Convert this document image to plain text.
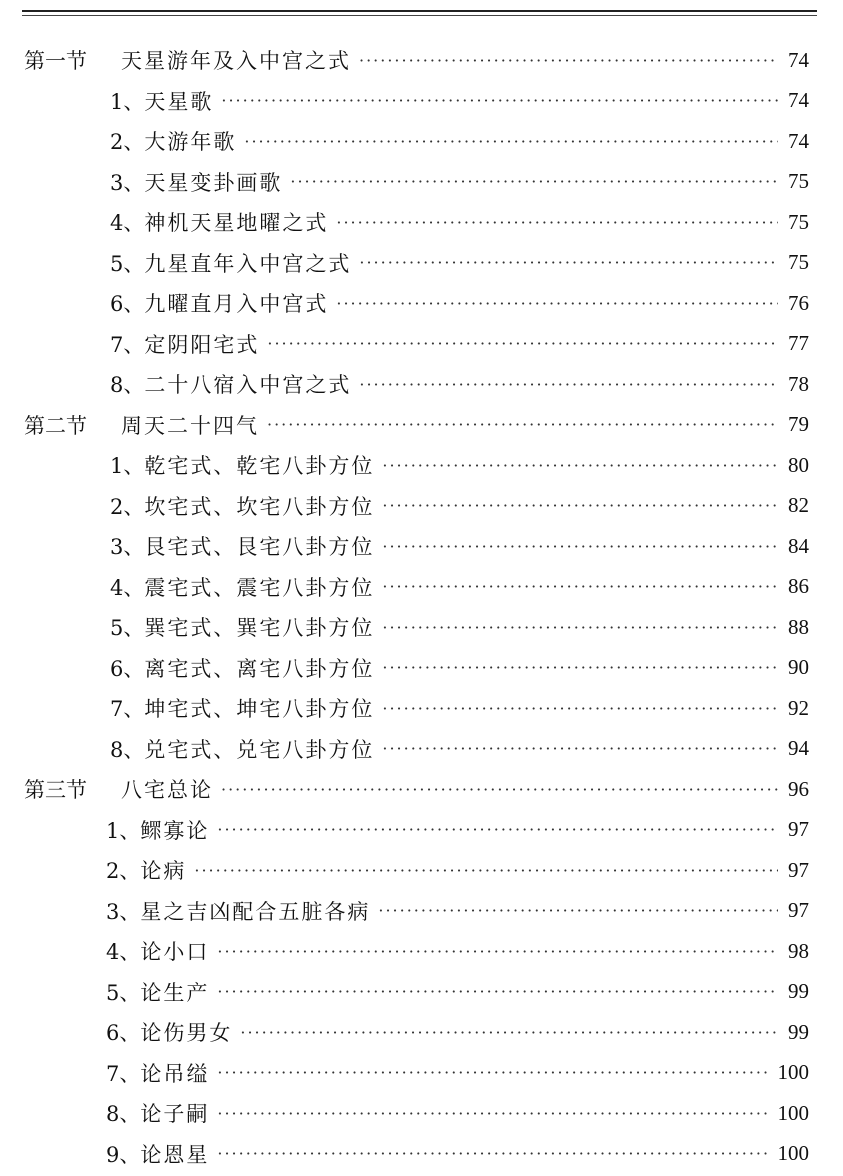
第一节 天星游年及入中宫之式 ·····	74
1、 天星歌 ·····	74
2、 大游年歌 ·····	74
3、 天星变卦画歌 ·····	75
4、 神机天星地曜之式 ·····	75
5、 九星直年入中宫之式 ·····	75
6、 九曜直月入中宫式 ·····	76
7、 定阴阳宅式 ·····	77
8、 二十八宿入中宫之式 ·····	78
第二节 周天二十四气 ·····	79
1、 乾宅式、乾宅八卦方位 ·····	80
2、 坎宅式、坎宅八卦方位 ·····	82
3、 艮宅式、艮宅八卦方位 ·····	84
4、 震宅式、震宅八卦方位 ·····	86
5、 巽宅式、巽宅八卦方位 ·····	88
6、 离宅式、离宅八卦方位 ·····	90
7、 坤宅式、坤宅八卦方位 ·····	92
8、 兑宅式、兑宅八卦方位 ·····	94
第三节 八宅总论 ·····	96
1、 鳏寡论 ·····	97
2、 论病 ·····	97
3、 星之吉凶配合五脏各病 ·····	97
4、 论小口 ·····	98
5、 论生产 ·····	99
6、 论伤男女 ·····	99
7、 论吊缢 ·····	100
8、 论子嗣 ·····	100
9、 论恩星 ·····	100
